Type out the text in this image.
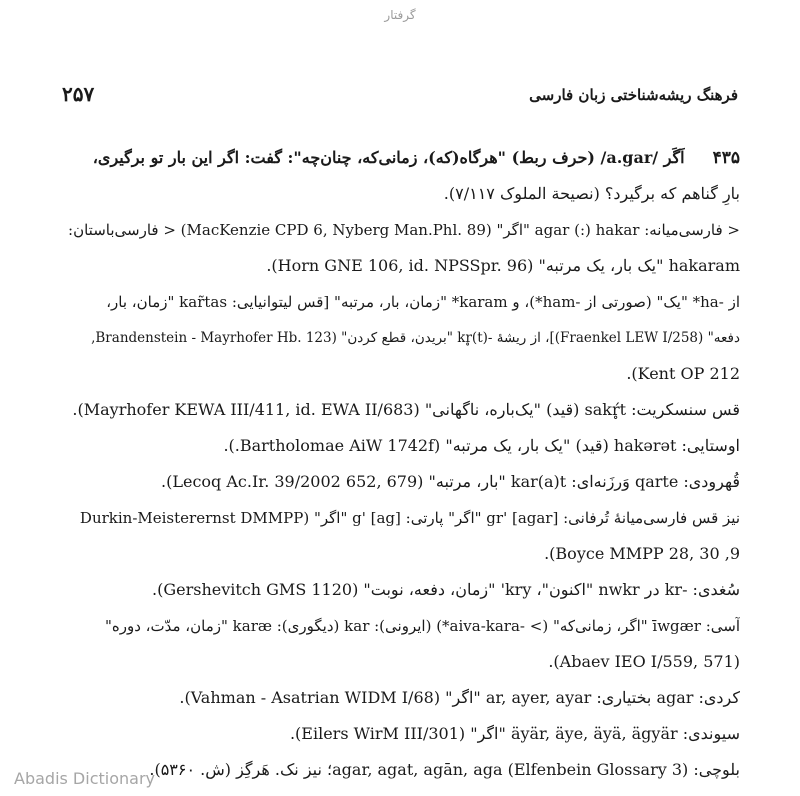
گرفتار
۲۵۷	فرهنگ ریشه‌شناختی زبان فارسی
۴۳۵اَگَر /a.gar/ (حرف ربط) "هرگاه(که)، زمانی‌که، چنان‌چه": گفت: اگر این بار تو برگیری،
بارِ گناهم که برگیرد؟ (نصیحة الملوک ۷/۱۱۷).
< فارسی‌میانه: agar (:) hakar "اگر" (MacKenzie CPD 6, Nyberg Man.Phl. 89) < فارسی‌باستان:
hakaram "یک بار، یک مرتبه" (Horn GNE 106, id. NPSSpr. 96).
از -ha* "یک" (صورتی از -ham*)، و karam* "زمان، بار، مرتبه" [قس لیتوانیایی: kar̃tas "زمان، بار،
دفعه" (Fraenkel LEW I/258)]، از ریشهٔ -kr̥(t) "بریدن، قطع کردن" (Brandenstein - Mayrhofer Hb. 123,
Kent OP 212).
قس سنسکریت: sakŕ̥t (قید) "یک‌باره، ناگهانی" (Mayrhofer KEWA III/411, id. EWA II/683).
اوستایی: hakərət (قید) "یک بار، یک مرتبه" (Bartholomae AiW 1742f.).
قُهرودی: qarte وَرزَنه‌ای: kar(a)t "بار، مرتبه" (Lecoq Ac.Ir. 39/2002 652, 679).
نیز قس فارسی‌میانهٔ تُرفانی: gr' [agar] "اگر" پارتی: g' [ag] "اگر" (Durkin-Meisterernst DMMPP
9, Boyce MMPP 28, 30).
سُغدی: -kr در nwkr "اکنون"، kry' "زمان، دفعه، نوبت" (Gershevitch GMS 1120).
آسی: īwgær "اگر، زمانی‌که" (> -aiva-kara*) (ایرونی): kar (دیگوری): karæ "زمان، مدّت، دوره"
(Abaev IEO I/559, 571).
کردی: agar بختیاری: ar, ayer, ayar "اگر" (Vahman - Asatrian WIDM I/68).
سیوندی: äyär, äye, äyä, ägyär "اگر" (Eilers WirM III/301).
بلوچی: agar, agat, agān, aga (Elfenbein Glossary 3)؛ نیز نک. هَرگِز (ش. ۵۳۶۰).
Abadis Dictionary
